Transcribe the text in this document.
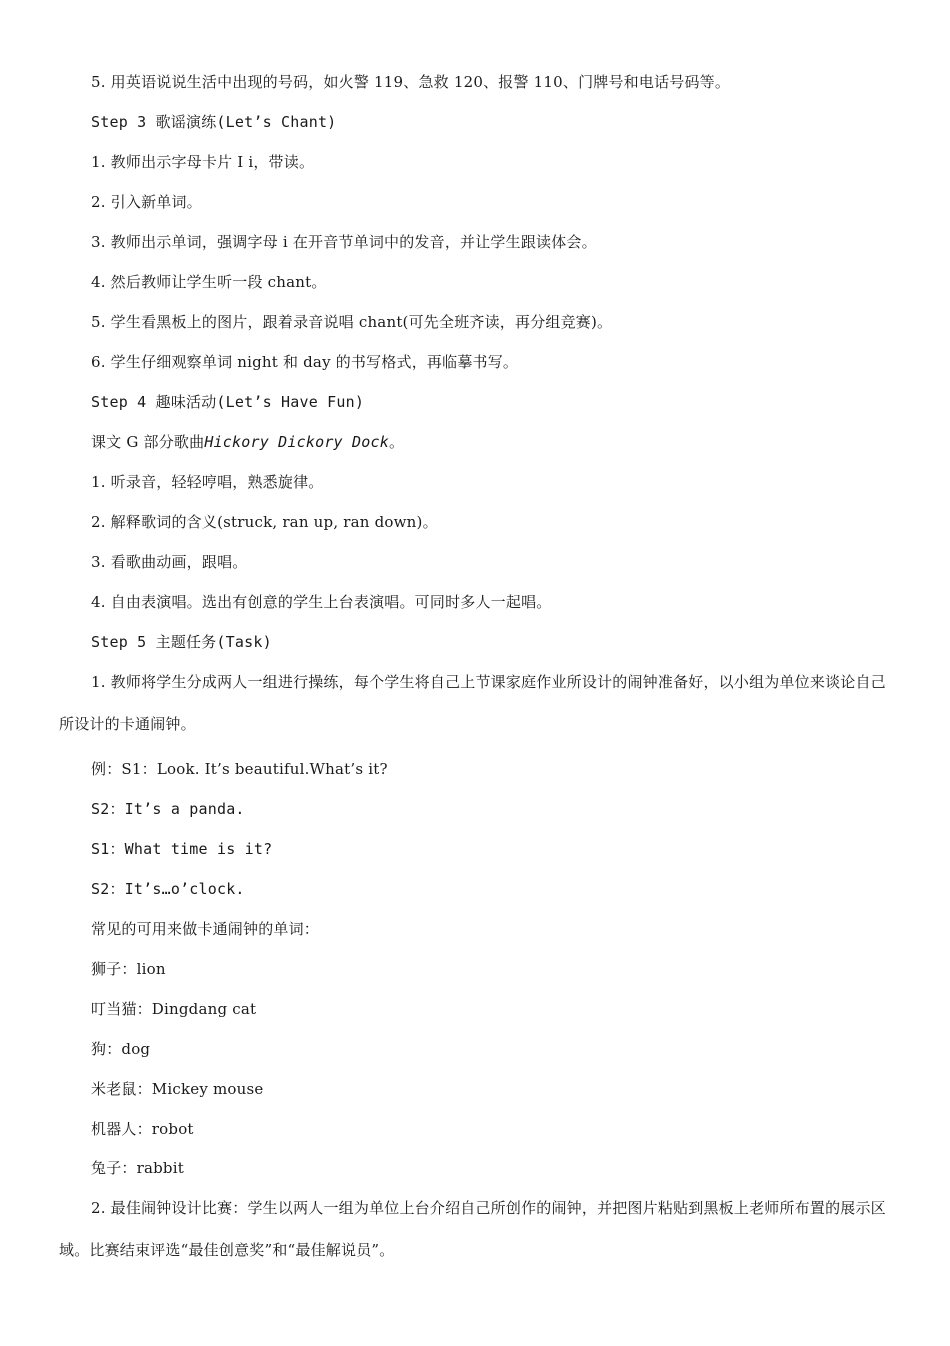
5. 用英语说说生活中出现的号码，如火警 119、急救 120、报警 110、门牌号和电话号码等。
Step 3 歌谣演练(Let’s Chant)
1. 教师出示字母卡片 I i，带读。
2. 引入新单词。
3. 教师出示单词，强调字母 i 在开音节单词中的发音，并让学生跟读体会。
4. 然后教师让学生听一段 chant。
5. 学生看黑板上的图片，跟着录音说唱 chant(可先全班齐读，再分组竞赛)。
6. 学生仔细观察单词 night 和 day 的书写格式，再临摹书写。
Step 4 趣味活动(Let’s Have Fun)
课文 G 部分歌曲Hickory Dickory Dock。
1. 听录音，轻轻哼唱，熟悉旋律。
2. 解释歌词的含义(struck, ran up, ran down)。
3. 看歌曲动画，跟唱。
4. 自由表演唱。选出有创意的学生上台表演唱。可同时多人一起唱。
Step 5 主题任务(Task)
1. 教师将学生分成两人一组进行操练，每个学生将自己上节课家庭作业所设计的闹钟准备好，以小组为单位来谈论自己所设计的卡通闹钟。
例：S1：Look. It’s beautiful.What’s it?
S2：It’s a panda.
S1：What time is it?
S2：It’s…o’clock.
常见的可用来做卡通闹钟的单词：
狮子：lion
叮当猫：Dingdang cat
狗：dog
米老鼠：Mickey mouse
机器人：robot
兔子：rabbit
2. 最佳闹钟设计比赛：学生以两人一组为单位上台介绍自己所创作的闹钟，并把图片粘贴到黑板上老师所布置的展示区域。比赛结束评选“最佳创意奖”和“最佳解说员”。
